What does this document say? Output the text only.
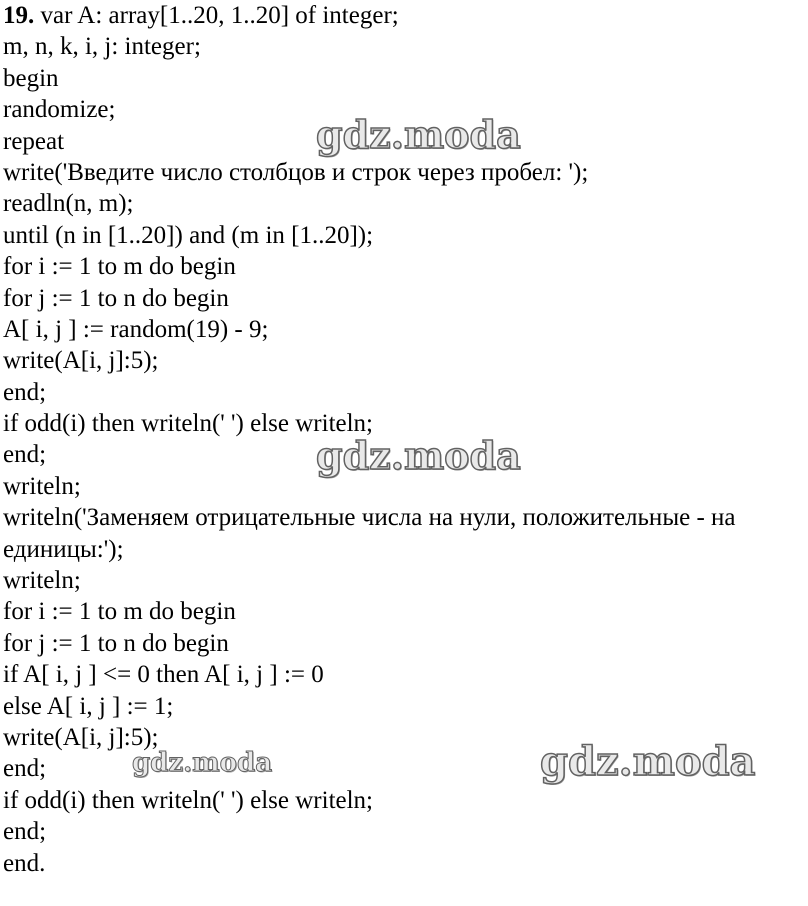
19. var A: array[1..20, 1..20] of integer;
m, n, k, i, j: integer;
begin
randomize;
repeat
write('Введите число столбцов и строк через пробел: ');
readln(n, m);
until (n in [1..20]) and (m in [1..20]);
for i := 1 to m do begin
for j := 1 to n do begin
A[ i, j ] := random(19) - 9;
write(A[i, j]:5);
end;
if odd(i) then writeln(' ') else writeln;
end;
writeln;
writeln('Заменяем отрицательные числа на нули, положительные - на единицы:');
writeln;
for i := 1 to m do begin
for j := 1 to n do begin
if A[ i, j ] <= 0 then A[ i, j ] := 0
else A[ i, j ] := 1;
write(A[i, j]:5);
end;
if odd(i) then writeln(' ') else writeln;
end;
end.
gdz.moda
gdz.moda
gdz.moda
gdz.moda
